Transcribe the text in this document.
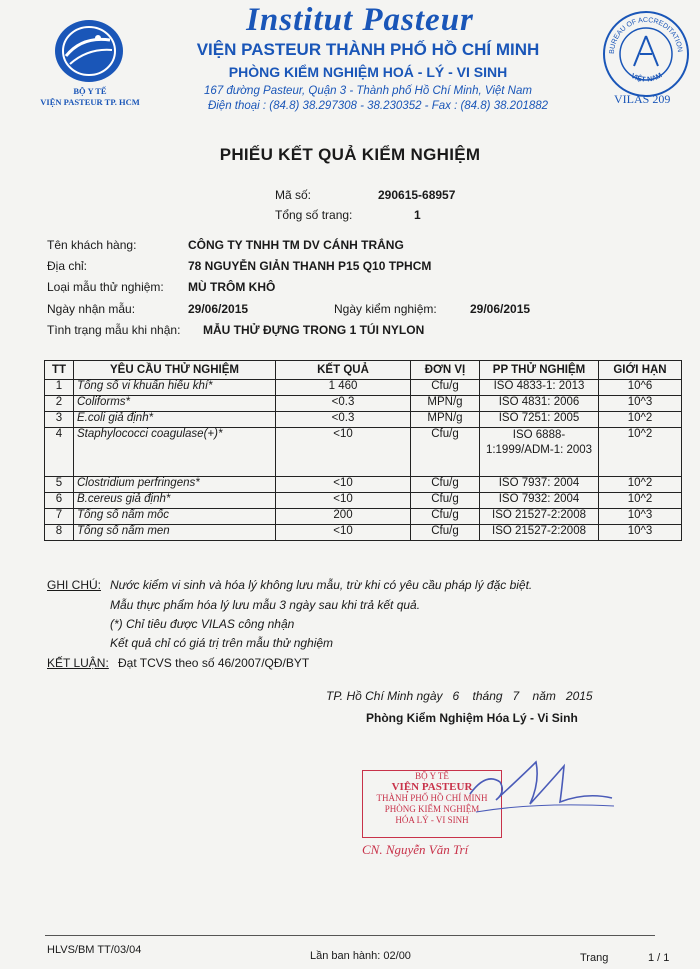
BỘ Y TẾ
VIỆN PASTEUR TP. HCM
Institut Pasteur
VIỆN PASTEUR THÀNH PHỐ HỒ CHÍ MINH
PHÒNG KIỂM NGHIỆM HOÁ - LÝ - VI SINH
167 đường Pasteur, Quận 3 - Thành phố Hồ Chí Minh, Việt Nam
Điện thoại : (84.8) 38.297308 - 38.230352 - Fax : (84.8) 38.201882
BUREAU OF ACCREDITATION
VIỆT NAM
VILAS 209
PHIẾU KẾT QUẢ KIỂM NGHIỆM
Mã số:	290615-68957
Tổng số trang:	1
Tên khách hàng:	CÔNG TY TNHH TM DV CÁNH TRẮNG
Địa chỉ:	78 NGUYỄN GIẢN THANH P15 Q10 TPHCM
Loại mẫu thử nghiệm: MÙ TRÔM KHÔ
Ngày nhận mẫu:	29/06/2015	Ngày kiểm nghiệm:	29/06/2015
Tình trạng mẫu khi nhận: MẪU THỬ ĐỰNG TRONG 1 TÚI NYLON
TT	YÊU CẦU THỬ NGHIỆM	KẾT QUẢ	ĐƠN VỊ	PP THỬ NGHIỆM	GIỚI HẠN
1	Tổng số vi khuẩn hiếu khí*	1 460	Cfu/g	ISO 4833-1: 2013	10^6
2	Coliforms*	<0.3	MPN/g	ISO 4831: 2006	10^3
3	E.coli giả định*	<0.3	MPN/g	ISO 7251: 2005	10^2
4	Staphylococci coagulase(+)*	<10	Cfu/g	ISO 6888-1:1999/ADM-1: 2003	10^2
5	Clostridium perfringens*	<10	Cfu/g	ISO 7937: 2004	10^2
6	B.cereus giả định*	<10	Cfu/g	ISO 7932: 2004	10^2
7	Tổng số nấm mốc	200	Cfu/g	ISO 21527-2:2008	10^3
8	Tổng số nấm men	<10	Cfu/g	ISO 21527-2:2008	10^3
GHI CHÚ: Nước kiểm vi sinh và hóa lý không lưu mẫu, trừ khi có yêu cầu pháp lý đặc biệt.
Mẫu thực phẩm hóa lý lưu mẫu 3 ngày sau khi trả kết quả.
(*) Chỉ tiêu được VILAS công nhận
Kết quả chỉ có giá trị trên mẫu thử nghiệm
KẾT LUẬN: Đạt TCVS theo số 46/2007/QĐ/BYT
TP. Hồ Chí Minh ngày   6    tháng   7    năm   2015
Phòng Kiểm Nghiệm Hóa Lý - Vi Sinh
BỘ Y TẾ
VIỆN PASTEUR
THÀNH PHỐ HỒ CHÍ MINH
PHÒNG KIỂM NGHIỆM
HÓA LÝ - VI SINH
CN. Nguyễn Văn Trí
HLVS/BM TT/03/04	Lần ban hành: 02/00	Trang	1 / 1
